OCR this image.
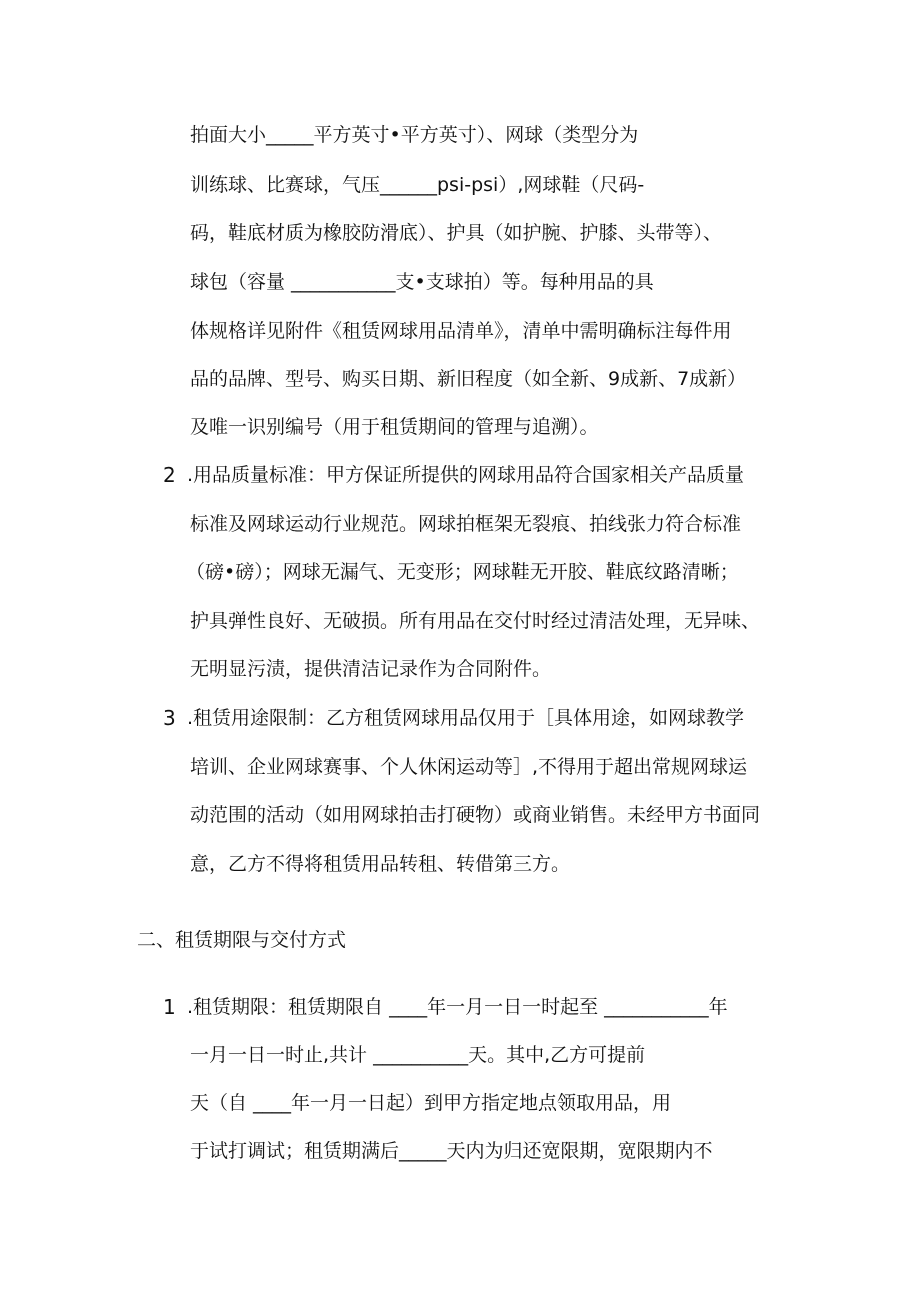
拍面大小_____平方英寸•平方英寸）、网球（类型分为
训练球、比赛球，气压______psi-psi）,网球鞋（尺码-
码，鞋底材质为橡胶防滑底）、护具（如护腕、护膝、头带等）、
球包（容量 ___________支•支球拍）等。每种用品的具
体规格详见附件《租赁网球用品清单》，清单中需明确标注每件用
品的品牌、型号、购买日期、新旧程度（如全新、9成新、7成新）
及唯一识别编号（用于租赁期间的管理与追溯）。
2 .用品质量标准：甲方保证所提供的网球用品符合国家相关产品质量
标准及网球运动行业规范。网球拍框架无裂痕、拍线张力符合标准
（磅•磅）；网球无漏气、无变形；网球鞋无开胶、鞋底纹路清晰；
护具弹性良好、无破损。所有用品在交付时经过清洁处理，无异味、
无明显污渍，提供清洁记录作为合同附件。
3 .租赁用途限制：乙方租赁网球用品仅用于［具体用途，如网球教学
培训、企业网球赛事、个人休闲运动等］,不得用于超出常规网球运
动范围的活动（如用网球拍击打硬物）或商业销售。未经甲方书面同
意，乙方不得将租赁用品转租、转借第三方。
二、租赁期限与交付方式
1 .租赁期限：租赁期限自 ____年一月一日一时起至 ___________年
一月一日一时止,共计 __________天。其中,乙方可提前
天（自 ____年一月一日起）到甲方指定地点领取用品，用
于试打调试；租赁期满后_____天内为归还宽限期，宽限期内不
